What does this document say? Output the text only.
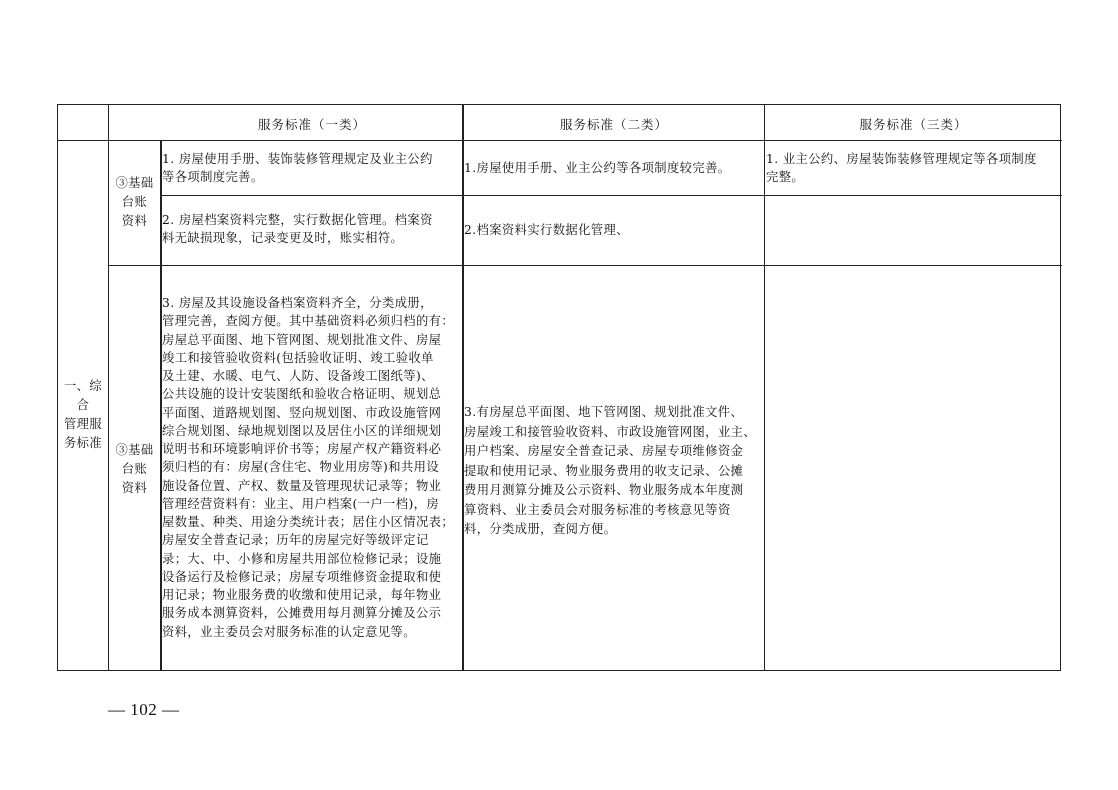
服务标准（一类）	服务标准（二类）	服务标准（三类）
一、综合
管理服
务标准
③基础
台账
资料
③基础
台账
资料
1. 房屋使用手册、装饰装修管理规定及业主公约
等各项制度完善。
1.房屋使用手册、业主公约等各项制度较完善。
1. 业主公约、房屋装饰装修管理规定等各项制度
完整。
2. 房屋档案资料完整，实行数据化管理。档案资
料无缺损现象，记录变更及时，账实相符。
2.档案资料实行数据化管理、
3. 房屋及其设施设备档案资料齐全，分类成册，
管理完善，查阅方便。其中基础资料必须归档的有：
房屋总平面图、地下管网图、规划批准文件、房屋
竣工和接管验收资料(包括验收证明、竣工验收单
及土建、水暖、电气、人防、设备竣工图纸等)、
公共设施的设计安装图纸和验收合格证明、规划总
平面图、道路规划图、竖向规划图、市政设施管网
综合规划图、绿地规划图以及居住小区的详细规划
说明书和环境影响评价书等；房屋产权产籍资料必
须归档的有：房屋(含住宅、物业用房等)和共用设
施设备位置、产权、数量及管理现状记录等；物业
管理经营资料有：业主、用户档案(一户一档)，房
屋数量、种类、用途分类统计表；居住小区情况表；
房屋安全普查记录；历年的房屋完好等级评定记
录；大、中、小修和房屋共用部位检修记录；设施
设备运行及检修记录；房屋专项维修资金提取和使
用记录；物业服务费的收缴和使用记录，每年物业
服务成本测算资料，公摊费用每月测算分摊及公示
资料，业主委员会对服务标准的认定意见等。
3.有房屋总平面图、地下管网图、规划批准文件、
房屋竣工和接管验收资料、市政设施管网图，业主、
用户档案、房屋安全普查记录、房屋专项维修资金
提取和使用记录、物业服务费用的收支记录、公摊
费用月测算分摊及公示资料、物业服务成本年度测
算资料、业主委员会对服务标准的考核意见等资
料，分类成册，查阅方便。
— 102 —
